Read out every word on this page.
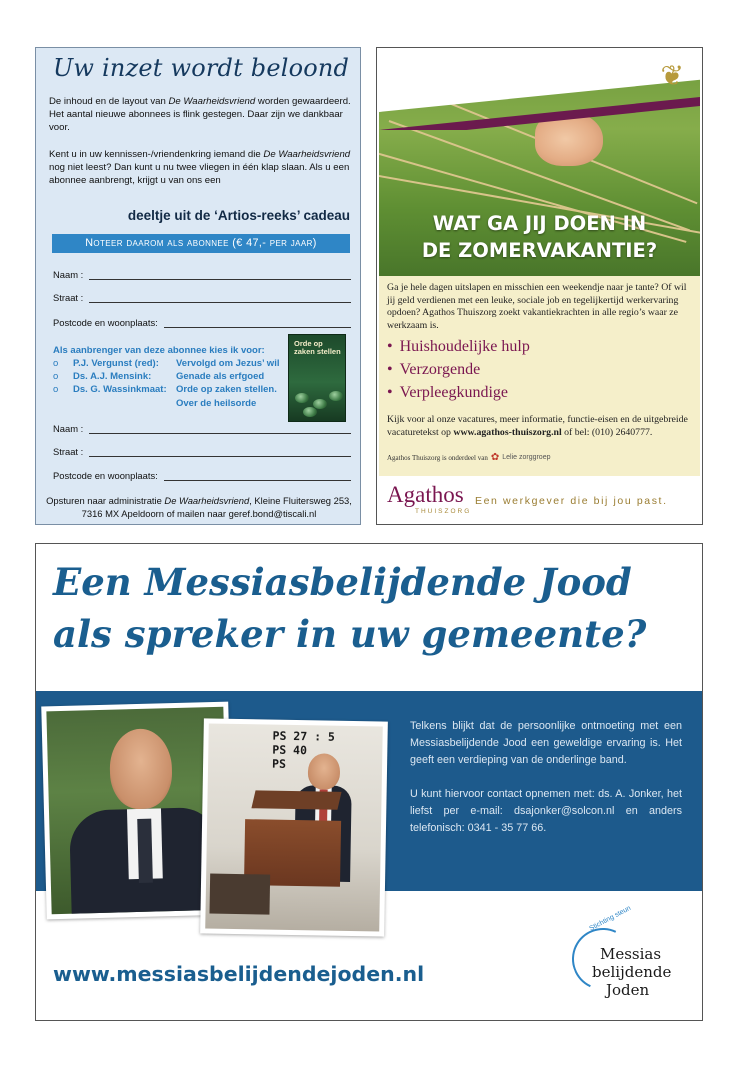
Uw inzet wordt beloond
De inhoud en de layout van De Waarheidsvriend worden gewaardeerd. Het aantal nieuwe abonnees is flink gestegen. Daar zijn we dankbaar voor.
Kent u in uw kennissen-/vriendenkring iemand die De Waarheidsvriend nog niet leest? Dan kunt u nu twee vliegen in één klap slaan. Als u een abonnee aanbrengt, krijgt u van ons een
deeltje uit de ‘Artios-reeks’ cadeau
Noteer daarom als abonnee (€ 47,- per jaar)
Naam :
Straat :
Postcode en woonplaats:
Als aanbrenger van deze abonnee kies ik voor:
o	P.J. Vergunst (red):	Vervolgd om Jezus’ wil
o	Ds. A.J. Mensink:	Genade als erfgoed
o	Ds. G. Wassinkmaat: Orde op zaken stellen.
Over de heilsorde
Orde op zaken stellen
Naam :
Straat :
Postcode en woonplaats:
Opsturen naar administratie De Waarheidsvriend, Kleine Fluitersweg 253, 7316 MX Apeldoorn of mailen naar geref.bond@tiscali.nl
❦
WAT GA JIJ DOEN IN
DE ZOMERVAKANTIE?
Ga je hele dagen uitslapen en misschien een weekendje naar je tante? Of wil jij geld verdienen met een leuke, sociale job en tegelijkertijd werkervaring opdoen? Agathos Thuiszorg zoekt vakantiekrachten in alle regio’s waar ze werkzaam is.
• Huishoudelijke hulp
• Verzorgende
• Verpleegkundige
Kijk voor al onze vacatures, meer informatie, functie-eisen en de uitgebreide vacaturetekst op www.agathos-thuiszorg.nl of bel: (010) 2640777.
Agathos Thuiszorg is onderdeel van ✿ Lelie zorggroep
Agathos
THUISZORG
Een werkgever die bij jou past.
Een Messiasbelijdende Jood
als spreker in uw gemeente?
PS 27 : 5
PS 40
PS

Telkens blijkt dat de persoonlijke ontmoeting met een Messiasbelijdende Jood een geweldige ervaring is. Het geeft een verdieping van de onderlinge band.

U kunt hiervoor contact opnemen met: ds. A. Jonker, het liefst per e-mail: dsajonker@solcon.nl en anders telefonisch: 0341 - 35 77 66.

www.messiasbelijdendejoden.nl
Stichting steun
Messias
belijdende
Joden
